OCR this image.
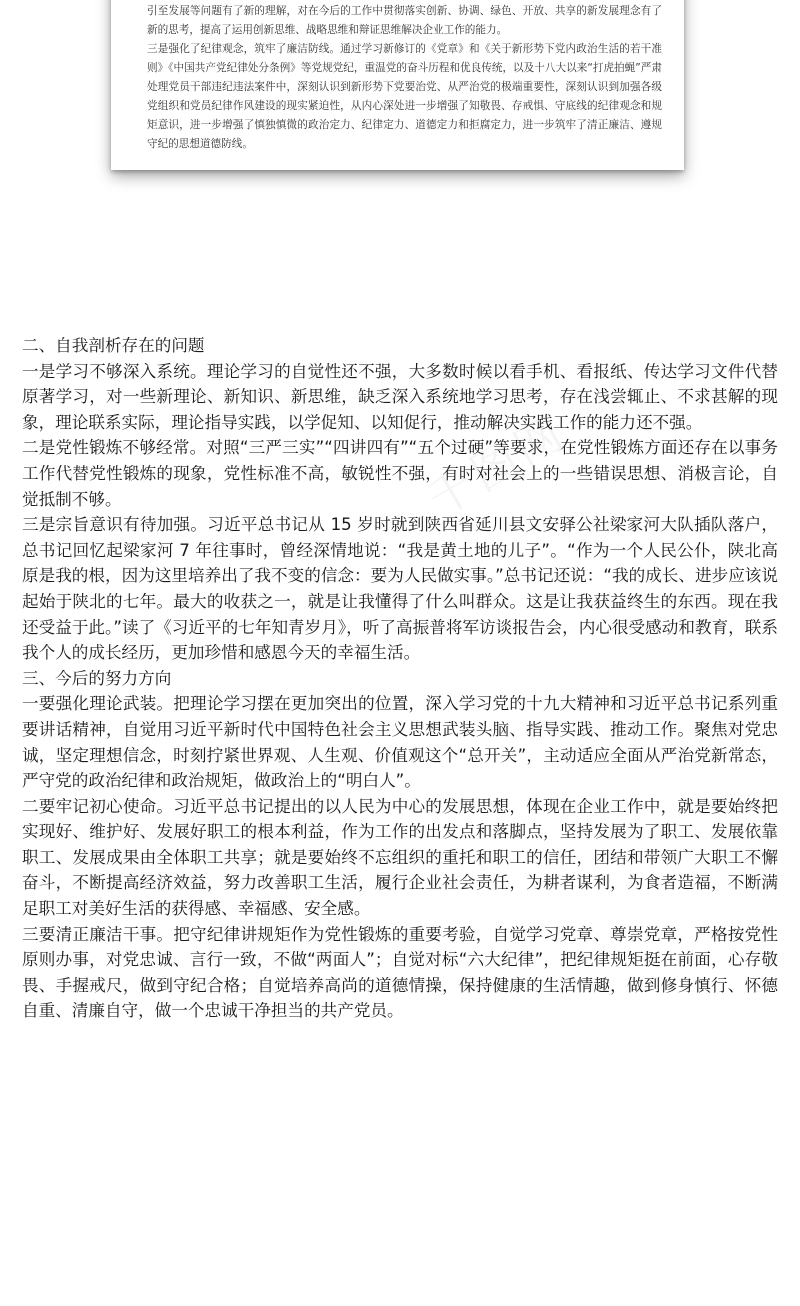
引至发展等问题有了新的理解，对在今后的工作中贯彻落实创新、协调、绿色、开放、共享的新发展理念有了新的思考，提高了运用创新思维、战略思维和辩证思维解决企业工作的能力。

三是强化了纪律观念，筑牢了廉洁防线。通过学习新修订的《党章》和《关于新形势下党内政治生活的若干准则》《中国共产党纪律处分条例》等党规党纪，重温党的奋斗历程和优良传统，以及十八大以来“打虎拍蝇”严肃处理党员干部违纪违法案件中，深刻认识到新形势下党要治党、从严治党的极端重要性，深刻认识到加强各级党组织和党员纪律作风建设的现实紧迫性，从内心深处进一步增强了知敬畏、存戒惧、守底线的纪律观念和规矩意识，进一步增强了慎独慎微的政治定力、纪律定力、道德定力和拒腐定力，进一步筑牢了清正廉洁、遵规守纪的思想道德防线。

二、自我剖析存在的问题

一是学习不够深入系统。理论学习的自觉性还不强，大多数时候以看手机、看报纸、传达学习文件代替原著学习，对一些新理论、新知识、新思维，缺乏深入系统地学习思考，存在浅尝辄止、不求甚解的现象，理论联系实际，理论指导实践，以学促知、以知促行，推动解决实践工作的能力还不强。

二是党性锻炼不够经常。对照“三严三实”“四讲四有”“五个过硬”等要求，在党性锻炼方面还存在以事务工作代替党性锻炼的现象，党性标准不高，敏锐性不强，有时对社会上的一些错误思想、消极言论，自觉抵制不够。

三是宗旨意识有待加强。习近平总书记从 15 岁时就到陕西省延川县文安驿公社梁家河大队插队落户，总书记回忆起梁家河 7 年往事时，曾经深情地说：“我是黄土地的儿子”。“作为一个人民公仆，陕北高原是我的根，因为这里培养出了我不变的信念：要为人民做实事。”总书记还说：“我的成长、进步应该说起始于陕北的七年。最大的收获之一，就是让我懂得了什么叫群众。这是让我获益终生的东西。现在我还受益于此。”读了《习近平的七年知青岁月》，听了高振普将军访谈报告会，内心很受感动和教育，联系我个人的成长经历，更加珍惜和感恩今天的幸福生活。

三、今后的努力方向

一要强化理论武装。把理论学习摆在更加突出的位置，深入学习党的十九大精神和习近平总书记系列重要讲话精神，自觉用习近平新时代中国特色社会主义思想武装头脑、指导实践、推动工作。聚焦对党忠诚，坚定理想信念，时刻拧紧世界观、人生观、价值观这个“总开关”，主动适应全面从严治党新常态，严守党的政治纪律和政治规矩，做政治上的“明白人”。

二要牢记初心使命。习近平总书记提出的以人民为中心的发展思想，体现在企业工作中，就是要始终把实现好、维护好、发展好职工的根本利益，作为工作的出发点和落脚点，坚持发展为了职工、发展依靠职工、发展成果由全体职工共享；就是要始终不忘组织的重托和职工的信任，团结和带领广大职工不懈奋斗，不断提高经济效益，努力改善职工生活，履行企业社会责任，为耕者谋利，为食者造福，不断满足职工对美好生活的获得感、幸福感、安全感。

三要清正廉洁干事。把守纪律讲规矩作为党性锻炼的重要考验，自觉学习党章、尊崇党章，严格按党性原则办事，对党忠诚、言行一致，不做“两面人”；自觉对标“六大纪律”，把纪律规矩挺在前面，心存敬畏、手握戒尺，做到守纪合格；自觉培养高尚的道德情操，保持健康的生活情趣，做到修身慎行、怀德自重、清廉自守，做一个忠诚干净担当的共产党员。
